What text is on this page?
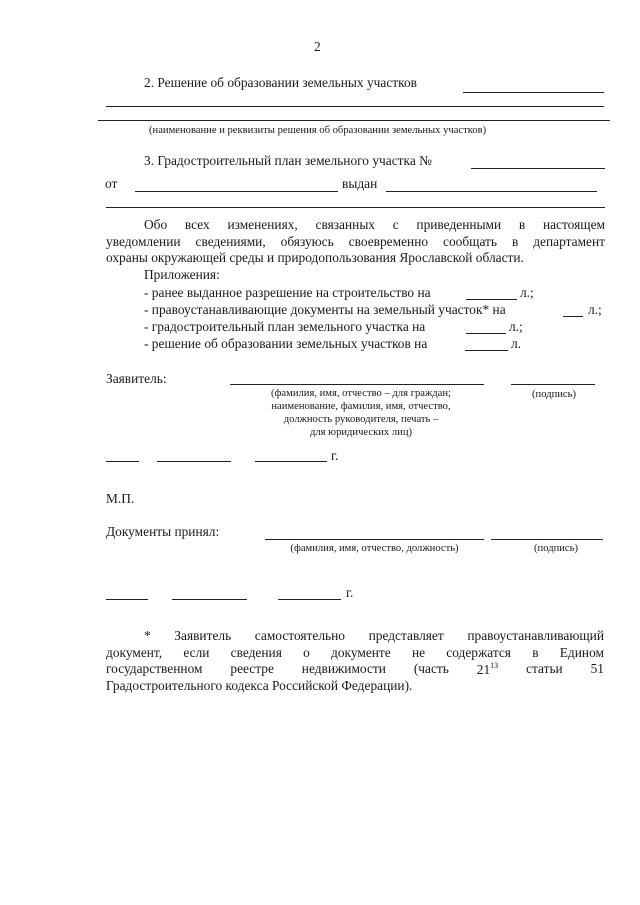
2
2. Решение об образовании земельных участков
(наименование и реквизиты решения об образовании земельных участков)
3. Градостроительный план земельного участка №
от	выдан
Обо всех изменениях, связанных с приведенными в настоящем
уведомлении сведениями, обязуюсь своевременно сообщать в департамент
охраны окружающей среды и природопользования Ярославской области.
Приложения:
- ранее выданное разрешение на строительство на	л.;
- правоустанавливающие документы на земельный участок* на	л.;
- градостроительный план земельного участка на	л.;
- решение об образовании земельных участков на	л.
Заявитель:
(фамилия, имя, отчество – для граждан;
наименование, фамилия, имя, отчество,
должность руководителя, печать –
для юридических лиц)
(подпись)
г.
М.П.
Документы принял:
(фамилия, имя, отчество, должность)	(подпись)
г.
* Заявитель самостоятельно представляет правоустанавливающий
документ, если сведения о документе не содержатся в Едином
государственном реестре недвижимости (часть $21^{13}$ статьи 51
Градостроительного кодекса Российской Федерации).
